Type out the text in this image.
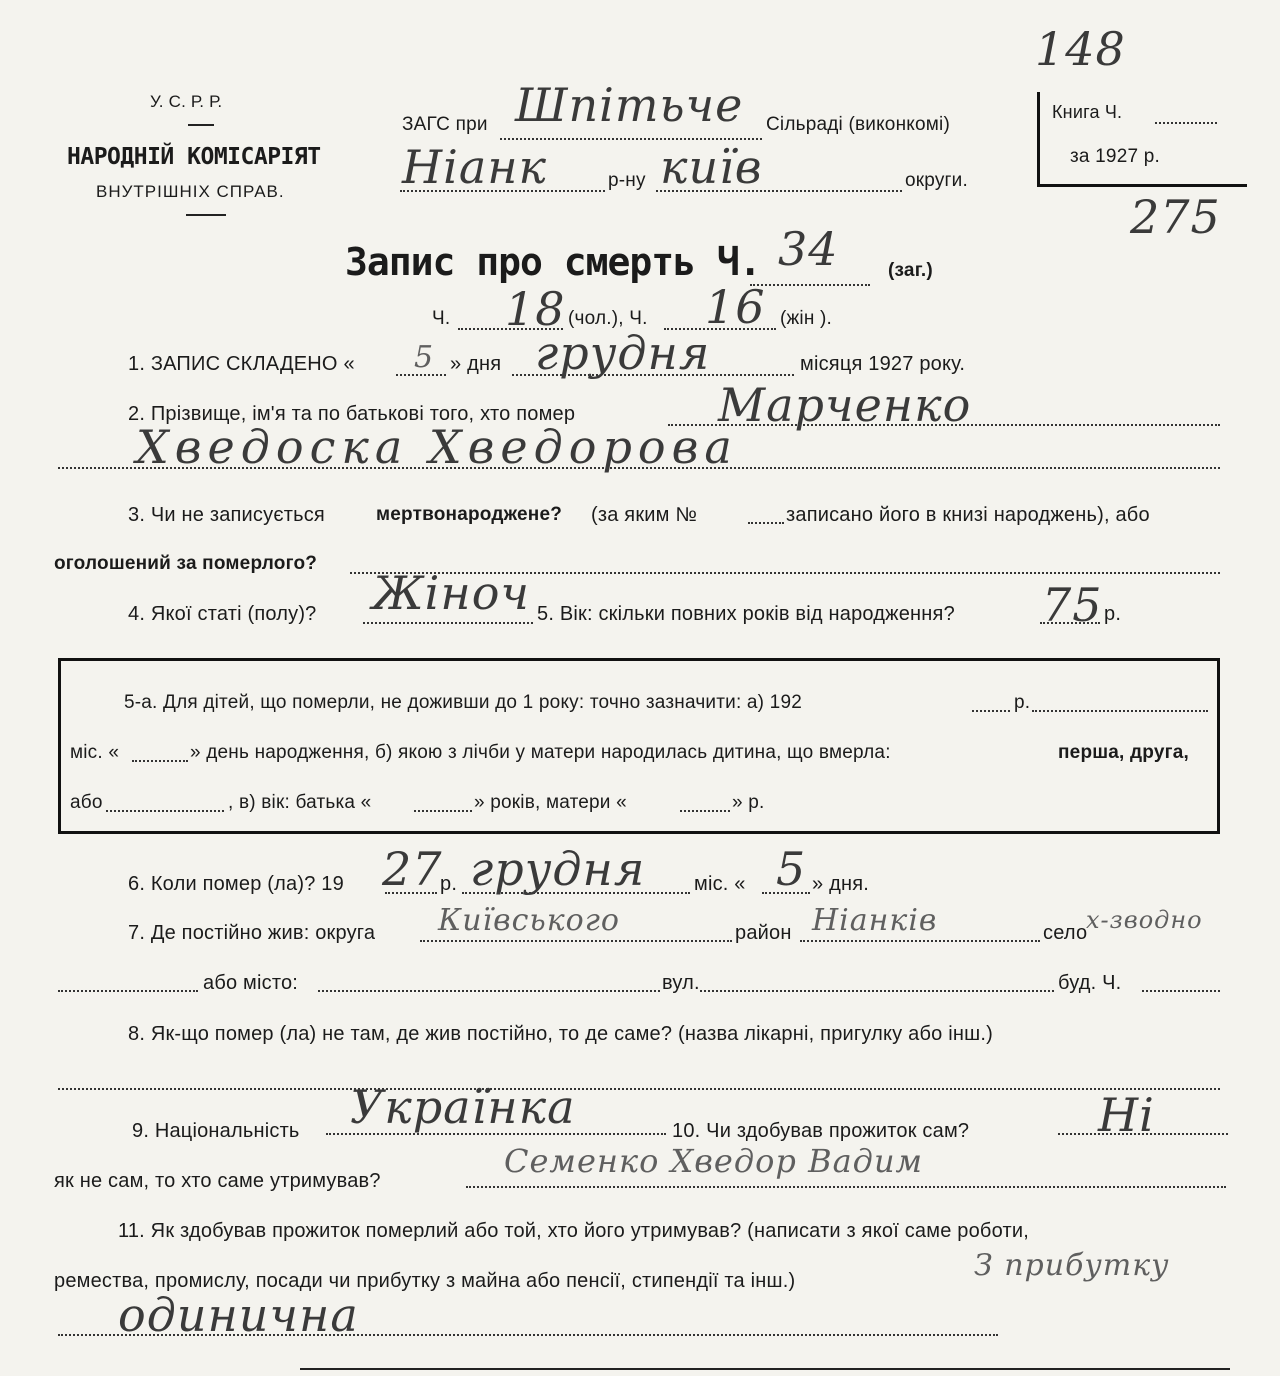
У. С. Р. Р.
НАРОДНІЙ КОМІСАРІЯТ
ВНУТРІШНІХ СПРАВ.
ЗАГС при Шпітьче Сільраді (виконкомі)
Ніанк	р-ну київ	округи.
148
Книга Ч.
за 1927 р.
275
Запис про смерть Ч. 34	(заг.)
Ч. 18 (чол.), Ч. 16 (жін ).
1. ЗАПИС СКЛАДЕНО « 5 » дня грудня	місяця 1927 року.
2. Прізвище, ім'я та по батькові того, хто помер	Марченко
Хведоска Хведорова
3. Чи не записується	мертвонароджене? (за яким №	записано його в книзі народжень), або
оголошений за померлого?
4. Якої статі (полу)? Жіноч 5. Вік: скільки повних років від народження? 75 р.
5-а. Для дітей, що померли, не доживши до 1 року: точно зазначити: а) 192	р.
міс. «	» день народження, б) якою з лічби у матери народилась дитина, що вмерла:	перша, друга,
або	, в) вік: батька «	» років, матери «	» р.
6. Коли помер (ла)? 19 27
р. грудня міс. « 5 » дня.
7. Де постійно жив: округа Київського	район Ніанків	село
х-зводно
або місто:	вул.	буд. Ч.
8. Як-що помер (ла) не там, де жив постійно, то де саме? (назва лікарні, пригулку або інш.)
9. Національність Українка	10. Чи здобував прожиток сам?	Ні
як не сам, то хто саме утримував?
Семенко Хведор Вадим
11. Як здобував прожиток померлий або той, хто його утримував? (написати з якої саме роботи,
ремества, промислу, посади чи прибутку з майна або пенсії, стипендії та інш.)	З прибутку
одинична
